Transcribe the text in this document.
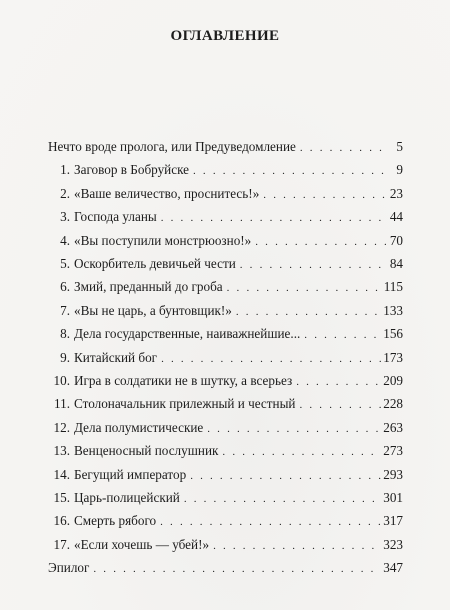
ОГЛАВЛЕНИЕ
Нечто вроде пролога, или Предуведомление . . .	5
1. Заговор в Бобруйске . . .	9
2. «Ваше величество, проснитесь!» . . .	23
3. Господа уланы . . .	44
4. «Вы поступили монстрюозно!» . . .	70
5. Оскорбитель девичьей чести . . .	84
6. Змий, преданный до гроба . . .	115
7. «Вы не царь, а бунтовщик!» . . .	133
8. Дела государственные, наиважнейшие... . . .	156
9. Китайский бог . . .	173
10. Игра в солдатики не в шутку, а всерьез . . .	209
11. Столоначальник прилежный и честный . . .	228
12. Дела полумистические . . .	263
13. Венценосный послушник . . .	273
14. Бегущий император . . .	293
15. Царь-полицейский . . .	301
16. Смерть рябого . . .	317
17. «Если хочешь — убей!» . . .	323
Эпилог . . .	347
